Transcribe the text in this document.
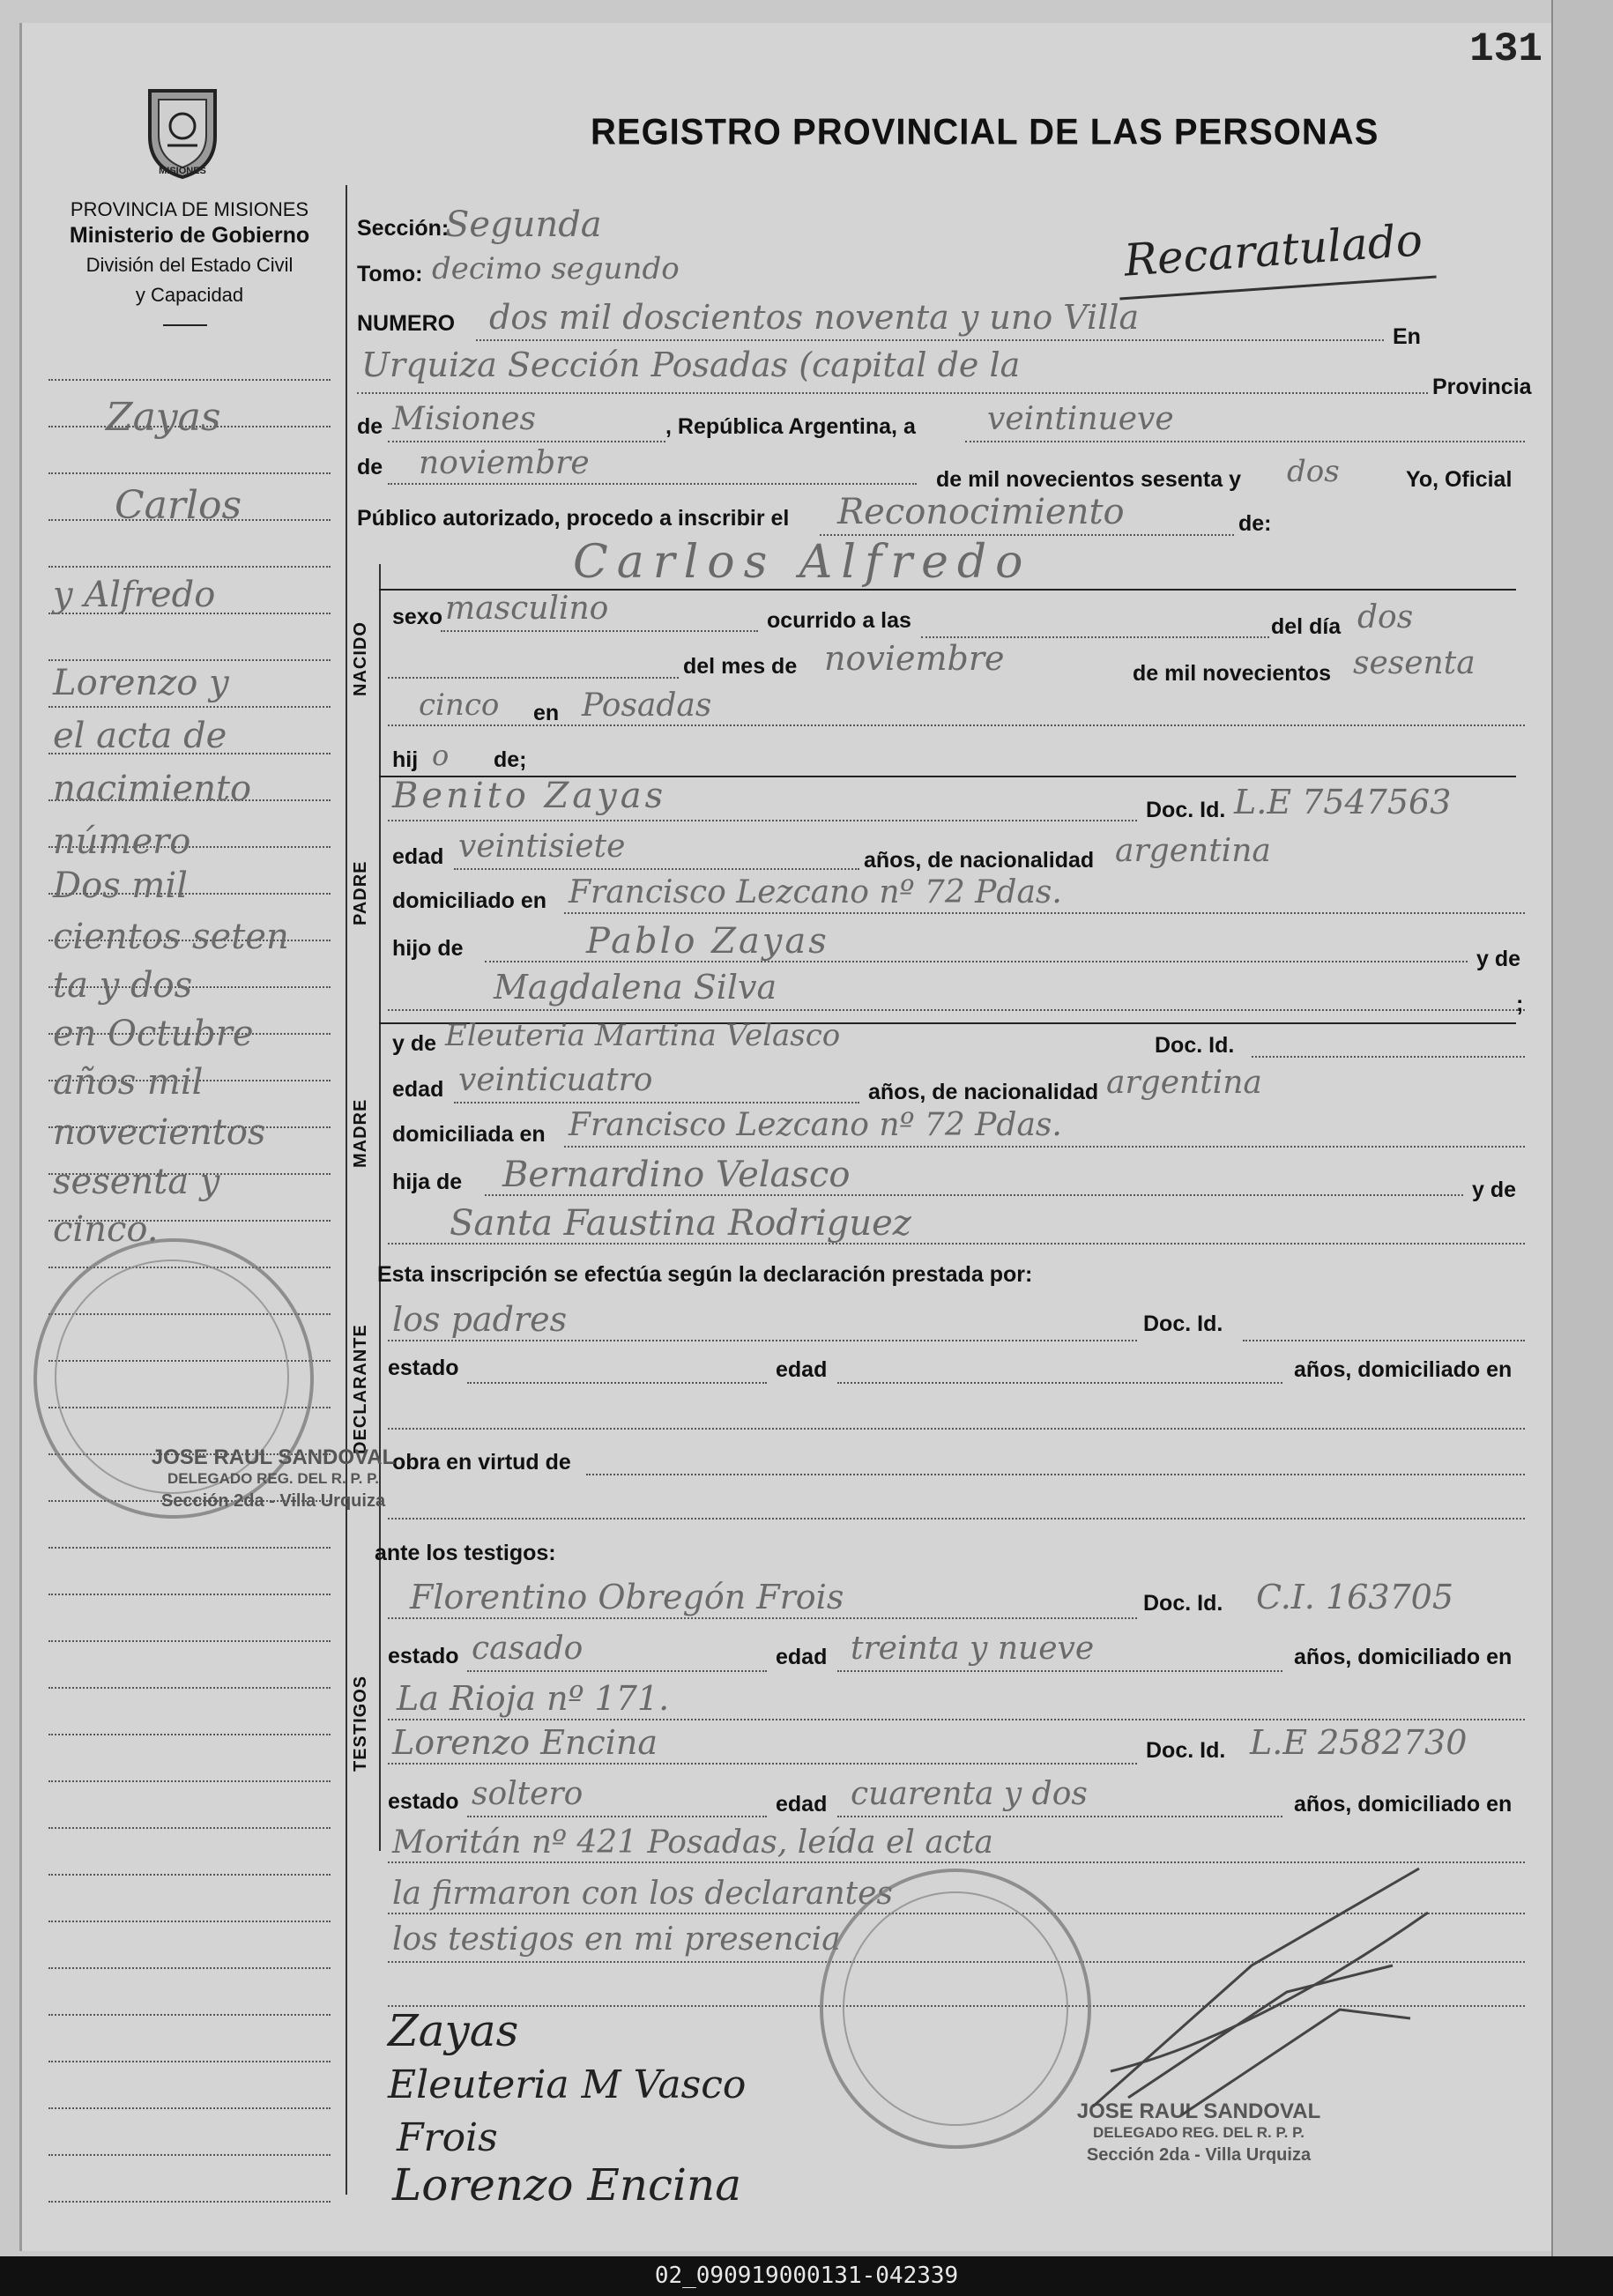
131
MISIONES
PROVINCIA DE MISIONES
Ministerio de Gobierno
División del Estado Civil
y Capacidad
REGISTRO PROVINCIAL DE LAS PERSONAS
Recaratulado
Zayas
Carlos
y Alfredo
Lorenzo y
el acta de
nacimiento
número
Dos mil
cientos seten
ta y dos
en Octubre
años mil
novecientos
sesenta y
cinco.
Sección:
Segunda
Tomo: decimo segundo
NUMERO dos mil doscientos noventa y uno Villa	En
Urquiza Sección Posadas (capital de la
Provincia
de Misiones	, República Argentina, a veintinueve
de noviembre	de mil novecientos sesenta y dos	Yo, Oficial
Público autorizado, procedo a inscribir el Reconocimiento	de:
Carlos Alfredo
NACIDO
sexo masculino	ocurrido a las	del día dos
del mes de noviembre	de mil novecientos sesenta
cinco en Posadas
hij o de;
PADRE
Benito Zayas	Doc. Id. L.E 7547563
edad veintisiete	años, de nacionalidad argentina
domiciliado en Francisco Lezcano nº 72 Pdas.
hijo de	Pablo Zayas	y de
Magdalena Silva	;
MADRE
y de Eleuteria Martina Velasco	Doc. Id.
edad veinticuatro	años, de nacionalidad argentina
domiciliada en Francisco Lezcano nº 72 Pdas.
hija de Bernardino Velasco	y de
Santa Faustina Rodriguez
Esta inscripción se efectúa según la declaración prestada por:
DECLARANTE
los padres	Doc. Id.
estado	edad	años, domiciliado en
obra en virtud de
ante los testigos:
TESTIGOS
Florentino Obregón Frois	Doc. Id. C.I. 163705
estado casado	edad treinta y nueve	años, domiciliado en
La Rioja nº 171.
Lorenzo Encina	Doc. Id. L.E 2582730
estado soltero	edad cuarenta y dos	años, domiciliado en
Moritán nº 421 Posadas, leída el acta
la firmaron con los declarantes
los testigos en mi presencia
JOSE RAUL SANDOVAL
DELEGADO REG. DEL R. P. P.
Sección 2da - Villa Urquiza
JOSE RAUL SANDOVAL
DELEGADO REG. DEL R. P. P.
Sección 2da - Villa Urquiza
Zayas
Eleuteria M Vasco
Frois
Lorenzo Encina
02_090919000131-042339
